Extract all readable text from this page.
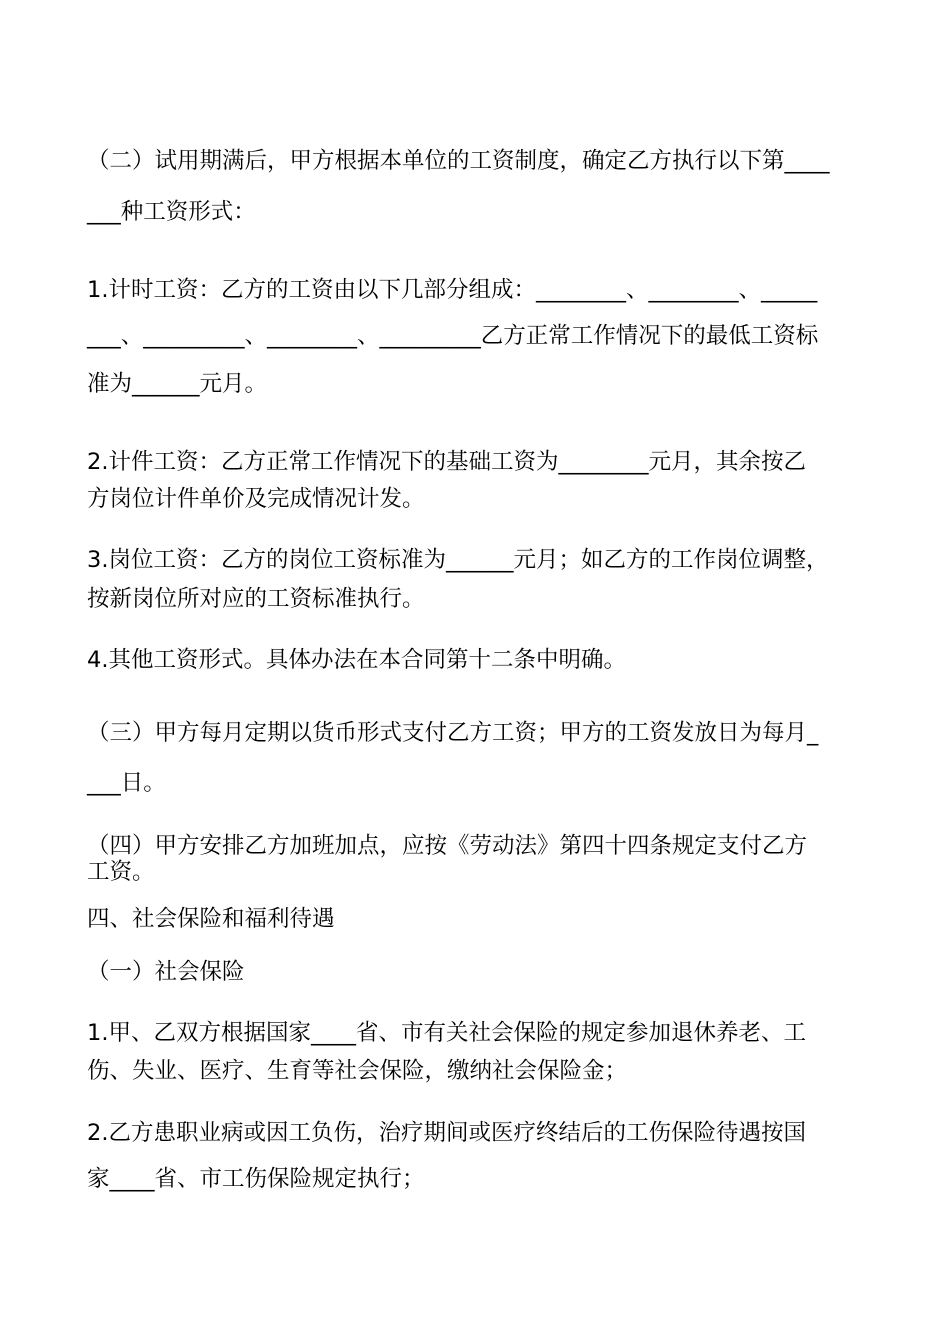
（二）试用期满后，甲方根据本单位的工资制度，确定乙方执行以下第____
___种工资形式：
1.计时工资：乙方的工资由以下几部分组成：________、________、_____
___、_________、________、_________乙方正常工作情况下的最低工资标
准为______元月。
2.计件工资：乙方正常工作情况下的基础工资为________元月，其余按乙
方岗位计件单价及完成情况计发。
3.岗位工资：乙方的岗位工资标准为______元月；如乙方的工作岗位调整，
按新岗位所对应的工资标准执行。
4.其他工资形式。具体办法在本合同第十二条中明确。
（三）甲方每月定期以货币形式支付乙方工资；甲方的工资发放日为每月_
___日。
（四）甲方安排乙方加班加点，应按《劳动法》第四十四条规定支付乙方
工资。
四、社会保险和福利待遇
（一）社会保险
1.甲、乙双方根据国家____省、市有关社会保险的规定参加退休养老、工
伤、失业、医疗、生育等社会保险，缴纳社会保险金；
2.乙方患职业病或因工负伤，治疗期间或医疗终结后的工伤保险待遇按国
家____省、市工伤保险规定执行；
